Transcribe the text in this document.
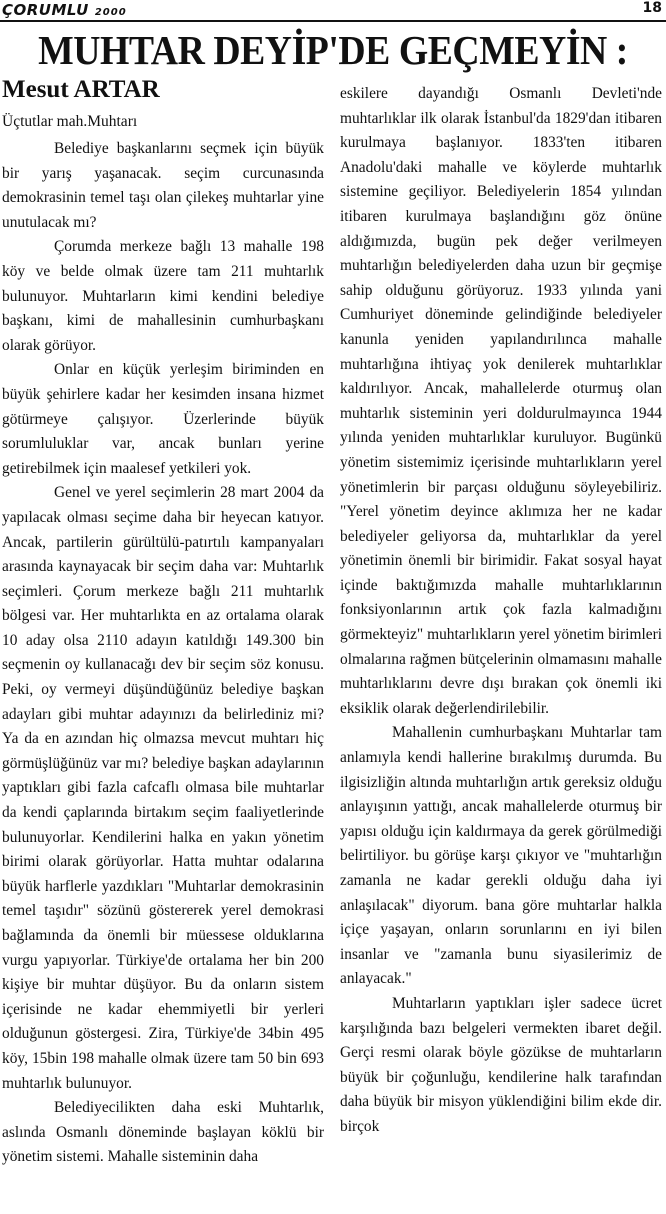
ÇORUMLU 2000	18
MUHTAR DEYİP'DE GEÇMEYİN :
Mesut ARTAR
Üçtutlar mah.Muhtarı

Belediye başkanlarını seçmek için büyük bir yarış yaşanacak. seçim curcunasında demokrasinin temel taşı olan çilekeş muhtarlar yine unutulacak mı?

Çorumda merkeze bağlı 13 mahalle 198 köy ve belde olmak üzere tam 211 muhtarlık bulunuyor. Muhtarların kimi kendini belediye başkanı, kimi de mahallesinin cumhurbaşkanı olarak görüyor.

Onlar en küçük yerleşim biriminden en büyük şehirlere kadar her kesimden insana hizmet götürmeye çalışıyor. Üzerlerinde büyük sorumluluklar var, ancak bunları yerine getirebilmek için maalesef yetkileri yok.

Genel ve yerel seçimlerin 28 mart 2004 da yapılacak olması seçime daha bir heyecan katıyor. Ancak, partilerin gürültülü-patırtılı kampanyaları arasında kaynayacak bir seçim daha var: Muhtarlık seçimleri. Çorum merkeze bağlı 211 muhtarlık bölgesi var. Her muhtarlıkta en az ortalama olarak 10 aday olsa 2110 adayın katıldığı 149.300 bin seçmenin oy kullanacağı dev bir seçim söz konusu. Peki, oy vermeyi düşündüğünüz belediye başkan adayları gibi muhtar adayınızı da belirlediniz mi? Ya da en azından hiç olmazsa mevcut muhtarı hiç görmüşlüğünüz var mı? belediye başkan adaylarının yaptıkları gibi fazla cafcaflı olmasa bile muhtarlar da kendi çaplarında birtakım seçim faaliyetlerinde bulunuyorlar. Kendilerini halka en yakın yönetim birimi olarak görüyorlar. Hatta muhtar odalarına büyük harflerle yazdıkları "Muhtarlar demokrasinin temel taşıdır" sözünü göstererek yerel demokrasi bağlamında da önemli bir müessese olduklarına vurgu yapıyorlar. Türkiye'de ortalama her bin 200 kişiye bir muhtar düşüyor. Bu da onların sistem içerisinde ne kadar ehemmiyetli bir yerleri olduğunun göstergesi. Zira, Türkiye'de 34bin 495 köy, 15bin 198 mahalle olmak üzere tam 50 bin 693 muhtarlık bulunuyor.

Belediyecilikten daha eski Muhtarlık, aslında Osmanlı döneminde başlayan köklü bir yönetim sistemi. Mahalle sisteminin daha

eskilere dayandığı Osmanlı Devleti'nde muhtarlıklar ilk olarak İstanbul'da 1829'dan itibaren kurulmaya başlanıyor. 1833'ten itibaren Anadolu'daki mahalle ve köylerde muhtarlık sistemine geçiliyor. Belediyelerin 1854 yılından itibaren kurulmaya başlandığını göz önüne aldığımızda, bugün pek değer verilmeyen muhtarlığın belediyelerden daha uzun bir geçmişe sahip olduğunu görüyoruz. 1933 yılında yani Cumhuriyet döneminde gelindiğinde belediyeler kanunla yeniden yapılandırılınca mahalle muhtarlığına ihtiyaç yok denilerek muhtarlıklar kaldırılıyor. Ancak, mahallelerde oturmuş olan muhtarlık sisteminin yeri doldurulmayınca 1944 yılında yeniden muhtarlıklar kuruluyor. Bugünkü yönetim sistemimiz içerisinde muhtarlıkların yerel yönetimlerin bir parçası olduğunu söyleyebiliriz. "Yerel yönetim deyince aklımıza her ne kadar belediyeler geliyorsa da, muhtarlıklar da yerel yönetimin önemli bir birimidir. Fakat sosyal hayat içinde baktığımızda mahalle muhtarlıklarının fonksiyonlarının artık çok fazla kalmadığını görmekteyiz" muhtarlıkların yerel yönetim birimleri olmalarına rağmen bütçelerinin olmamasını mahalle muhtarlıklarını devre dışı bırakan çok önemli iki eksiklik olarak değerlendirilebilir.

Mahallenin cumhurbaşkanı Muhtarlar tam anlamıyla kendi hallerine bırakılmış durumda. Bu ilgisizliğin altında muhtarlığın artık gereksiz olduğu anlayışının yattığı, ancak mahallelerde oturmuş bir yapısı olduğu için kaldırmaya da gerek görülmediği belirtiliyor. bu görüşe karşı çıkıyor ve "muhtarlığın zamanla ne kadar gerekli olduğu daha iyi anlaşılacak" diyorum. bana göre muhtarlar halkla içiçe yaşayan, onların sorunlarını en iyi bilen insanlar ve "zamanla bunu siyasilerimiz de anlayacak."

Muhtarların yaptıkları işler sadece ücret karşılığında bazı belgeleri vermekten ibaret değil. Gerçi resmi olarak böyle gözükse de muhtarların büyük bir çoğunluğu, kendilerine halk tarafından daha büyük bir misyon yüklendiğini bilim ekde dir. birçok
